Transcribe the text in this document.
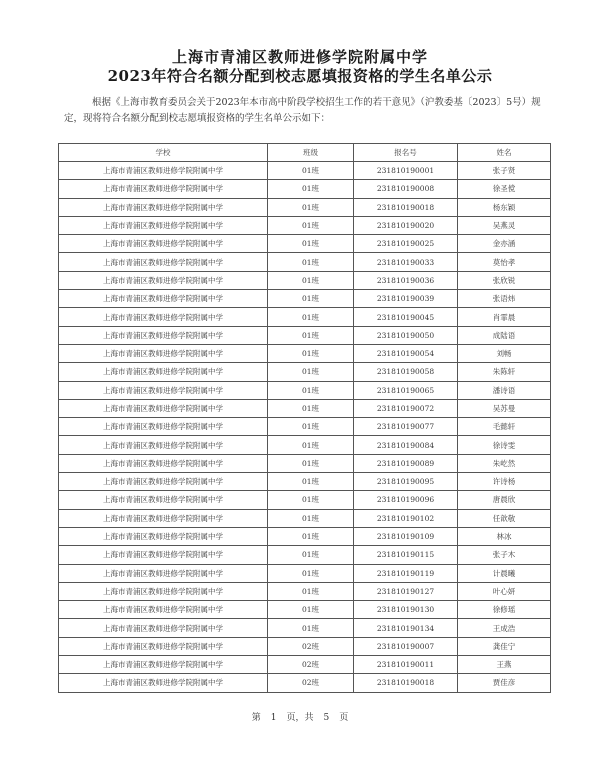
上海市青浦区教师进修学院附属中学
2023年符合名额分配到校志愿填报资格的学生名单公示
根据《上海市教育委员会关于2023年本市高中阶段学校招生工作的若干意见》（沪教委基〔2023〕5号）规定，现将符合名额分配到校志愿填报资格的学生名单公示如下：
学校	班级	报名号	姓名
上海市青浦区教师进修学院附属中学	01班	231810190001	张子贤
上海市青浦区教师进修学院附属中学	01班	231810190008	徐圣傥
上海市青浦区教师进修学院附属中学	01班	231810190018	杨东颖
上海市青浦区教师进修学院附属中学	01班	231810190020	吴燕灵
上海市青浦区教师进修学院附属中学	01班	231810190025	金亦涵
上海市青浦区教师进修学院附属中学	01班	231810190033	莫怡孝
上海市青浦区教师进修学院附属中学	01班	231810190036	张欣锐
上海市青浦区教师进修学院附属中学	01班	231810190039	张语炜
上海市青浦区教师进修学院附属中学	01班	231810190045	肖霏晨
上海市青浦区教师进修学院附属中学	01班	231810190050	成陆语
上海市青浦区教师进修学院附属中学	01班	231810190054	刘畅
上海市青浦区教师进修学院附属中学	01班	231810190058	朱陈轩
上海市青浦区教师进修学院附属中学	01班	231810190065	潘诗语
上海市青浦区教师进修学院附属中学	01班	231810190072	吴苏曼
上海市青浦区教师进修学院附属中学	01班	231810190077	毛懿轩
上海市青浦区教师进修学院附属中学	01班	231810190084	徐诗雯
上海市青浦区教师进修学院附属中学	01班	231810190089	朱屹然
上海市青浦区教师进修学院附属中学	01班	231810190095	许诗杨
上海市青浦区教师进修学院附属中学	01班	231810190096	唐晨欣
上海市青浦区教师进修学院附属中学	01班	231810190102	任歆敬
上海市青浦区教师进修学院附属中学	01班	231810190109	林冰
上海市青浦区教师进修学院附属中学	01班	231810190115	张子木
上海市青浦区教师进修学院附属中学	01班	231810190119	计晨曦
上海市青浦区教师进修学院附属中学	01班	231810190127	叶心妍
上海市青浦区教师进修学院附属中学	01班	231810190130	徐修瑶
上海市青浦区教师进修学院附属中学	01班	231810190134	王成浩
上海市青浦区教师进修学院附属中学	02班	231810190007	龚佳宁
上海市青浦区教师进修学院附属中学	02班	231810190011	王燕
上海市青浦区教师进修学院附属中学	02班	231810190018	贾佳彦
第 1 页，共 5 页
